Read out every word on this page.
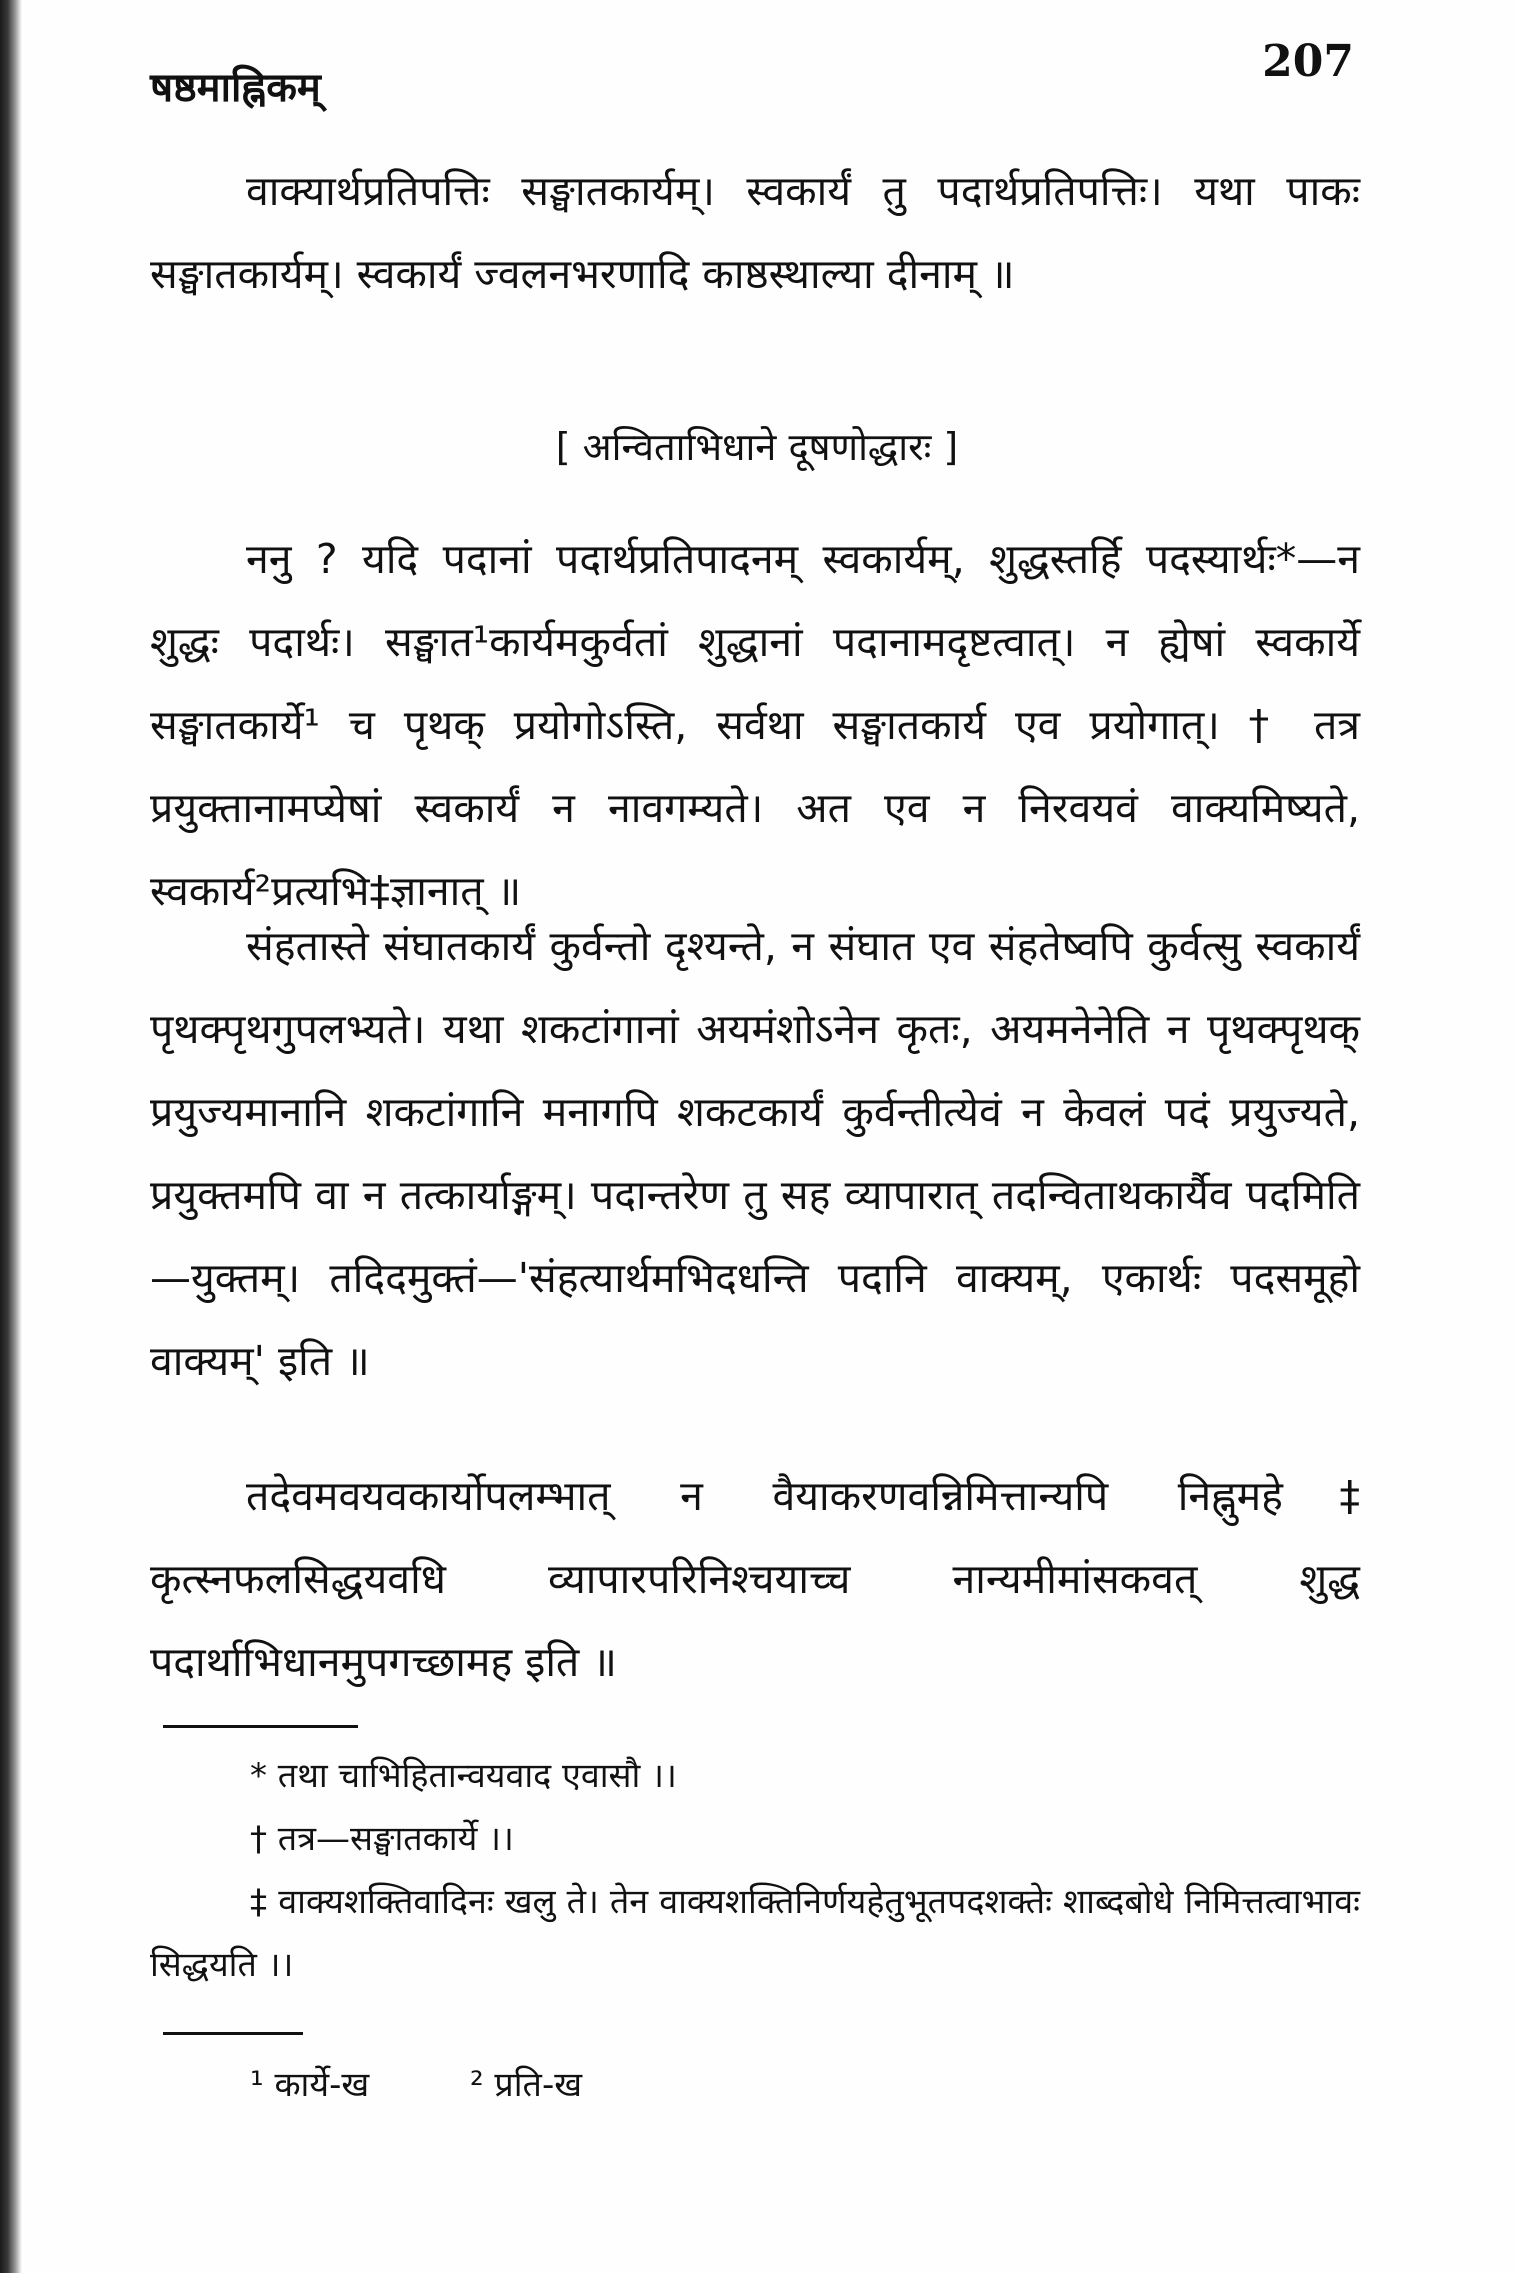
षष्ठमाह्निकम्
207

वाक्यार्थप्रतिपत्तिः सङ्घातकार्यम्। स्वकार्यं तु पदार्थप्रतिपत्तिः। यथा पाकः सङ्घातकार्यम्। स्वकार्यं ज्वलनभरणादि काष्ठस्थाल्या दीनाम् ॥

[ अन्विताभिधाने दूषणोद्धारः ]

ननु ? यदि पदानां पदार्थप्रतिपादनम् स्वकार्यम्, शुद्धस्तर्हि पदस्यार्थः*—न शुद्धः पदार्थः। सङ्घात¹कार्यमकुर्वतां शुद्धानां पदानामदृष्टत्वात्। न ह्येषां स्वकार्ये सङ्घातकार्ये¹ च पृथक् प्रयोगोऽस्ति, सर्वथा सङ्घातकार्य एव प्रयोगात्। † तत्र प्रयुक्तानामप्येषां स्वकार्यं न नावगम्यते। अत एव न निरवयवं वाक्यमिष्यते, स्वकार्य²प्रत्यभि‡ज्ञानात् ॥

संहतास्ते संघातकार्यं कुर्वन्तो दृश्यन्ते, न संघात एव संहतेष्वपि कुर्वत्सु स्वकार्यं पृथक्पृथगुपलभ्यते। यथा शकटांगानां अयमंशोऽनेन कृतः, अयमनेनेति न पृथक्पृथक् प्रयुज्यमानानि शकटांगानि मनागपि शकटकार्यं कुर्वन्तीत्येवं न केवलं पदं प्रयुज्यते, प्रयुक्तमपि वा न तत्कार्याङ्गम्। पदान्तरेण तु सह व्यापारात् तदन्विताथकार्यैव पदमिति—युक्तम्। तदिदमुक्तं—'संहत्यार्थमभिदधन्ति पदानि वाक्यम्, एकार्थः पदसमूहो वाक्यम्' इति ॥

तदेवमवयवकार्योपलम्भात् न वैयाकरणवन्निमित्तान्यपि निह्नुमहे‡ कृत्स्नफलसिद्धयवधि व्यापारपरिनिश्चयाच्च नान्यमीमांसकवत् शुद्ध पदार्थाभिधानमुपगच्छामह इति ॥

* तथा चाभिहितान्वयवाद एवासौ ।।

† तत्र—सङ्घातकार्ये ।।

‡ वाक्यशक्तिवादिनः खलु ते। तेन वाक्यशक्तिनिर्णयहेतुभूतपदशक्तेः शाब्दबोधे निमित्तत्वाभावः सिद्धयति ।।

¹ कार्ये-ख	² प्रति-ख
